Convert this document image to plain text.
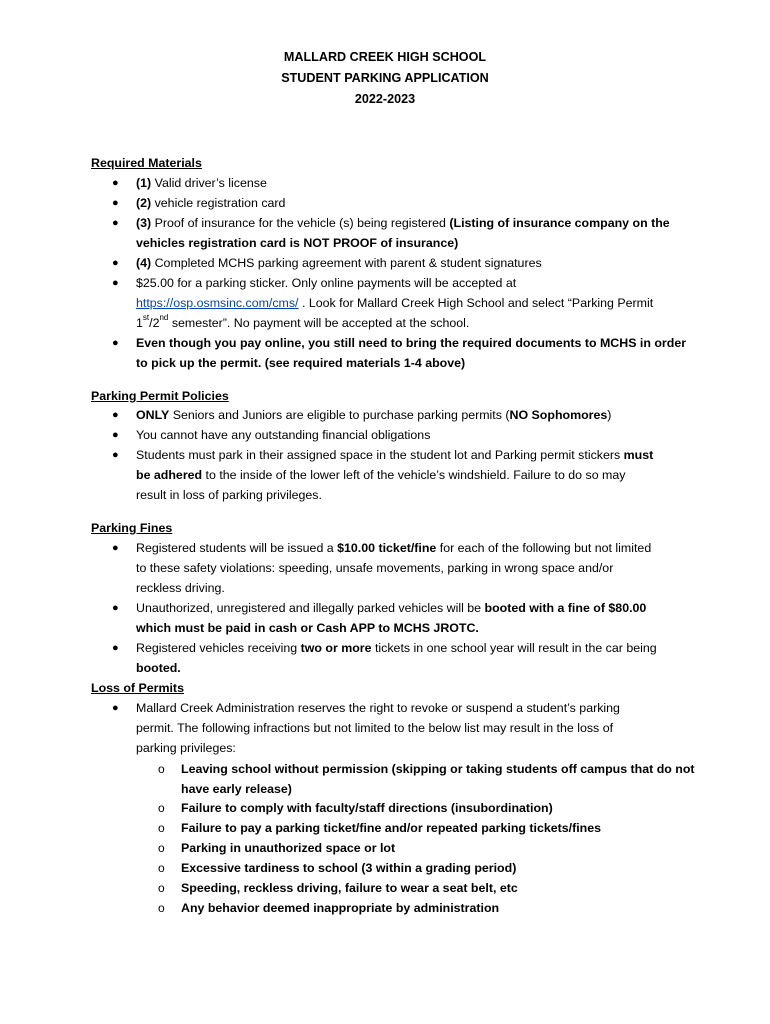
MALLARD CREEK HIGH SCHOOL
STUDENT PARKING APPLICATION
2022-2023
Required Materials
● (1) Valid driver’s license
● (2) vehicle registration card
● (3) Proof of insurance for the vehicle (s) being registered (Listing of insurance company on the
vehicles registration card is NOT PROOF of insurance)
● (4) Completed MCHS parking agreement with parent & student signatures
● $25.00 for a parking sticker. Only online payments will be accepted at
https://osp.osmsinc.com/cms/ . Look for Mallard Creek High School and select “Parking Permit
1st/2nd semester”. No payment will be accepted at the school.
● Even though you pay online, you still need to bring the required documents to MCHS in order
to pick up the permit. (see required materials 1-4 above)
Parking Permit Policies
● ONLY Seniors and Juniors are eligible to purchase parking permits (NO Sophomores)
● You cannot have any outstanding financial obligations
● Students must park in their assigned space in the student lot and Parking permit stickers must
be adhered to the inside of the lower left of the vehicle’s windshield. Failure to do so may
result in loss of parking privileges.
Parking Fines
● Registered students will be issued a $10.00 ticket/fine for each of the following but not limited
to these safety violations: speeding, unsafe movements, parking in wrong space and/or
reckless driving.
● Unauthorized, unregistered and illegally parked vehicles will be booted with a fine of $80.00
which must be paid in cash or Cash APP to MCHS JROTC.
● Registered vehicles receiving two or more tickets in one school year will result in the car being
booted.
Loss of Permits
● Mallard Creek Administration reserves the right to revoke or suspend a student’s parking
permit. The following infractions but not limited to the below list may result in the loss of
parking privileges:
o Leaving school without permission (skipping or taking students off campus that do not
have early release)
o Failure to comply with faculty/staff directions (insubordination)
o Failure to pay a parking ticket/fine and/or repeated parking tickets/fines
o Parking in unauthorized space or lot
o Excessive tardiness to school (3 within a grading period)
o Speeding, reckless driving, failure to wear a seat belt, etc
o Any behavior deemed inappropriate by administration
